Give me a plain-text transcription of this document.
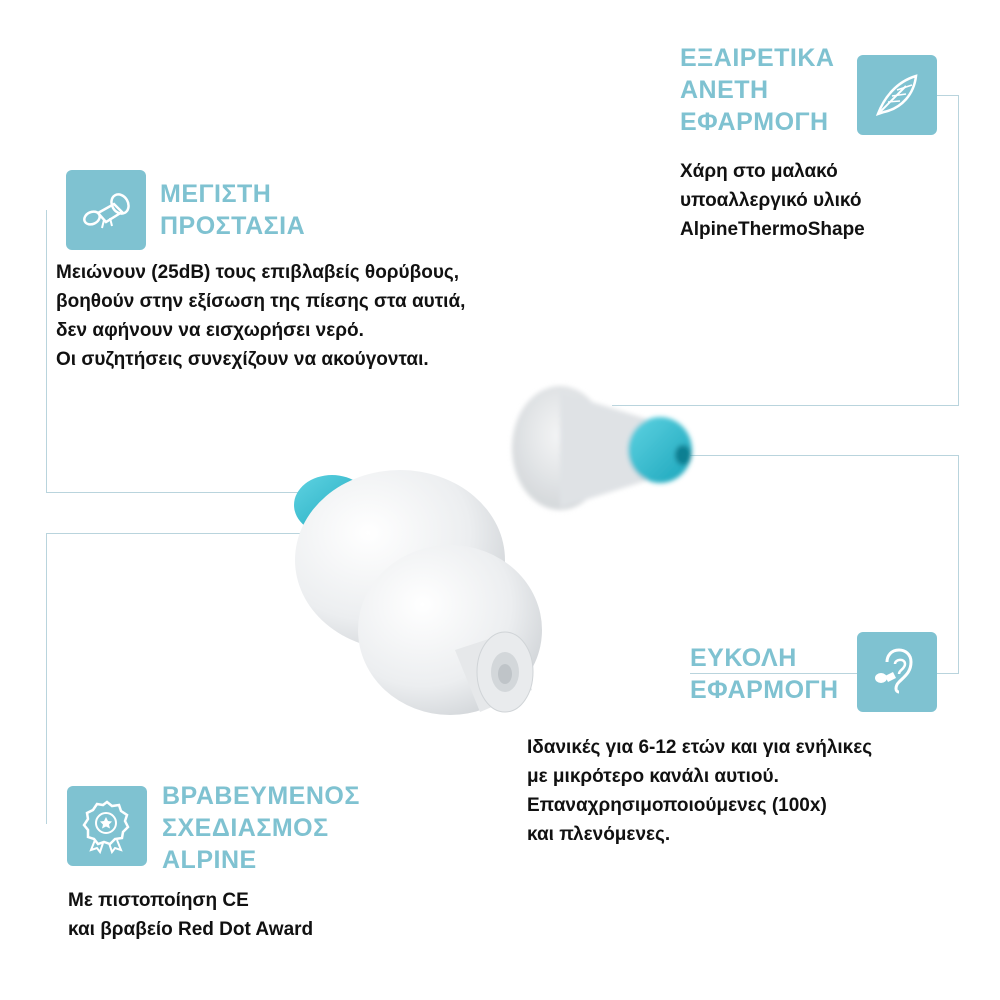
ΕΞΑΙΡΕΤΙΚΑ
ΑΝΕΤΗ
ΕΦΑΡΜΟΓΗ
Χάρη στο μαλακό
υποαλλεργικό υλικό
AlpineThermoShape
ΜΕΓΙΣΤΗ
ΠΡΟΣΤΑΣΙΑ
Μειώνουν (25dB) τους επιβλαβείς θορύβους,
βοηθούν στην εξίσωση της πίεσης στα αυτιά,
δεν αφήνουν να εισχωρήσει νερό.
Οι συζητήσεις συνεχίζουν να ακούγονται.
ΕΥΚΟΛΗ
ΕΦΑΡΜΟΓΗ
Ιδανικές για 6-12 ετών και για ενήλικες
με μικρότερο κανάλι αυτιού.
Επαναχρησιμοποιούμενες (100x)
και πλενόμενες.
ΒΡΑΒΕΥΜΕΝΟΣ
ΣΧΕΔΙΑΣΜΟΣ
ALPINE
Με πιστοποίηση CE
και βραβείο Red Dot Award
